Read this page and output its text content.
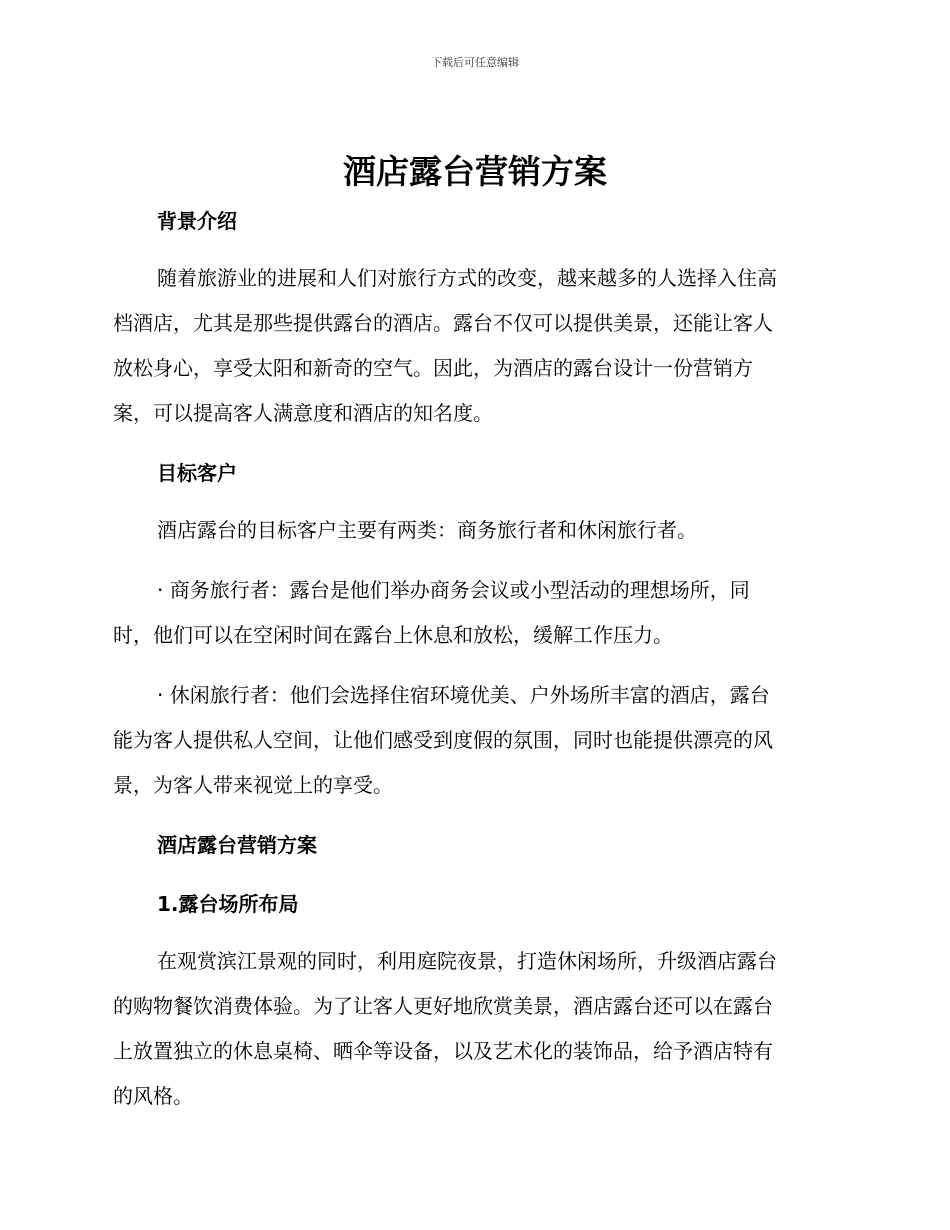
下载后可任意编辑
酒店露台营销方案
背景介绍

随着旅游业的进展和人们对旅行方式的改变，越来越多的人选择入住高
档酒店，尤其是那些提供露台的酒店。露台不仅可以提供美景，还能让客人
放松身心，享受太阳和新奇的空气。因此，为酒店的露台设计一份营销方
案，可以提高客人满意度和酒店的知名度。

目标客户

酒店露台的目标客户主要有两类：商务旅行者和休闲旅行者。

· 商务旅行者：露台是他们举办商务会议或小型活动的理想场所，同
时，他们可以在空闲时间在露台上休息和放松，缓解工作压力。

· 休闲旅行者：他们会选择住宿环境优美、户外场所丰富的酒店，露台
能为客人提供私人空间，让他们感受到度假的氛围，同时也能提供漂亮的风
景，为客人带来视觉上的享受。

酒店露台营销方案
1.露台场所布局

在观赏滨江景观的同时，利用庭院夜景，打造休闲场所，升级酒店露台
的购物餐饮消费体验。为了让客人更好地欣赏美景，酒店露台还可以在露台
上放置独立的休息桌椅、晒伞等设备，以及艺术化的装饰品，给予酒店特有
的风格。
